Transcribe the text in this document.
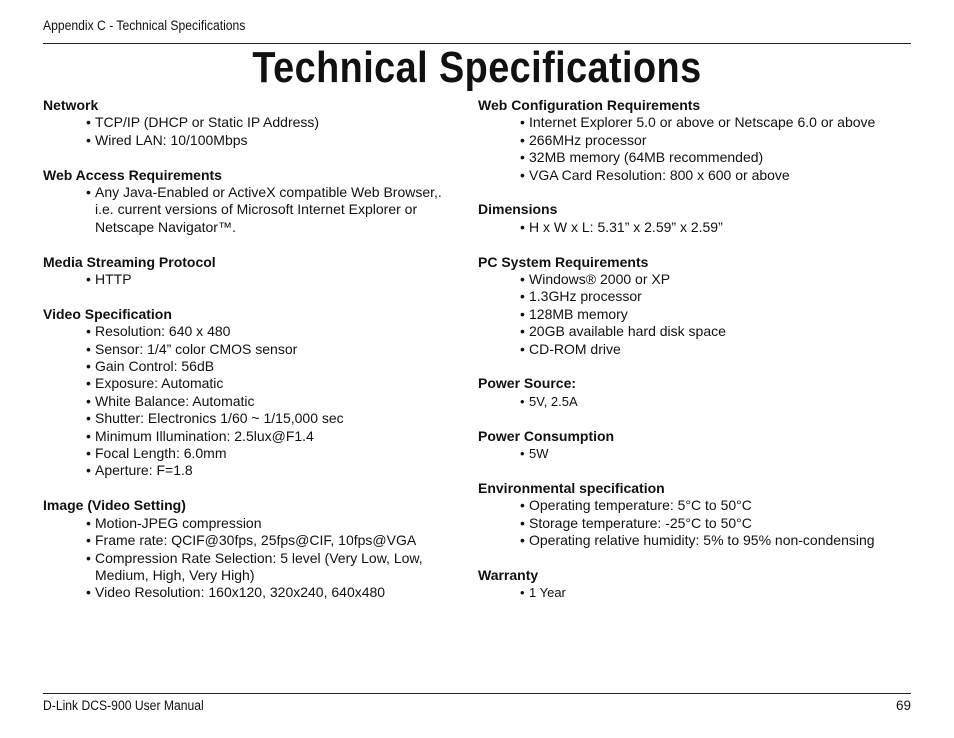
Appendix C - Technical Specifications
Technical Specifications
Network
• TCP/IP (DHCP or Static IP Address)
• Wired LAN: 10/100Mbps
Web Access Requirements
• Any Java-Enabled or ActiveX compatible Web Browser,. i.e. current versions of Microsoft Internet Explorer or Netscape Navigator™.
Media Streaming Protocol
• HTTP
Video Specification
• Resolution: 640 x 480
• Sensor: 1/4” color CMOS sensor
• Gain Control: 56dB
• Exposure: Automatic
• White Balance: Automatic
• Shutter: Electronics 1/60 ~ 1/15,000 sec
• Minimum Illumination: 2.5lux@F1.4
• Focal Length: 6.0mm
• Aperture: F=1.8
Image (Video Setting)
• Motion-JPEG compression
• Frame rate: QCIF@30fps, 25fps@CIF, 10fps@VGA
• Compression Rate Selection: 5 level (Very Low, Low, Medium, High, Very High)
• Video Resolution: 160x120, 320x240, 640x480
Web Configuration Requirements
• Internet Explorer 5.0 or above or Netscape 6.0 or above
• 266MHz processor
• 32MB memory (64MB recommended)
• VGA Card Resolution: 800 x 600 or above
Dimensions
• H x W x L: 5.31” x 2.59” x 2.59”
PC System Requirements
• Windows® 2000 or XP
• 1.3GHz processor
• 128MB memory
• 20GB available hard disk space
• CD-ROM drive
Power Source:
• 5V, 2.5A
Power Consumption
• 5W
Environmental specification
• Operating temperature: 5°C to 50°C
• Storage temperature: -25°C to 50°C
• Operating relative humidity: 5% to 95% non-condensing
Warranty
• 1 Year
D-Link DCS-900 User Manual	69
